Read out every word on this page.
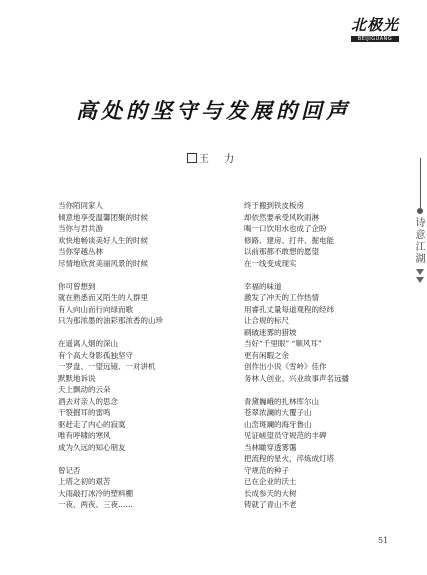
北极光
BEIJIGUANG
高处的坚守与发展的回声
王 力
诗
意
江
湖
当你陌同家人
倾意地享受温馨团聚的时候
当你与君共游
欢快地畅谈美好人生的时候
当你穿越丛林
尽情地欣赏美丽风景的时候
你可曾想到
就在熟悉而又陌生的人群里
有人向山而行向绿而歌
只为那浓墨的油彩那浓香的山珍
在遥离人烟的深山
有个高大身影孤独坚守
一罗盘、一望远镜、一对讲机
默默地诉说
天上飘动的云朵
酒去对亲人的思念
干裂掘耳的雷鸣
驱赶走了内心的寂寞
唯有呼啸的寒风
成为久远的知心朋友
曾记否
上塔之初的艰苦
大雨敲打冰冷的塑料棚
一夜、两夜、三夜……
终于搬到铁皮板房
却依然要承受风吹雨淋
喝一口饮用水也成了企盼
修路、建房、打井、掘电能
以前那都不敢想的愿望
在一线变成现实
幸福的味道
激发了冲天的工作热情
用睿孔丈量每道观程的经纬
让合规的标尺
刷破迷雾的猎坡
当好“千里眼” “顺风耳”
更有闲暇之余
创作出小说《雪岭》佳作
务林人创业、兴业故事声名远播
青黛巍峨的扎林库尔山
苍翠浓澜的大覆子山
山峦斑斓的海牙鲁山
见证嵯望员守规范的丰碑
当林瞰穿透雾霭
把流程的星火，淬炼成灯塔
守规范的种子
已在企业的沃土
长成参天的大树
铸就了青山不老
51
